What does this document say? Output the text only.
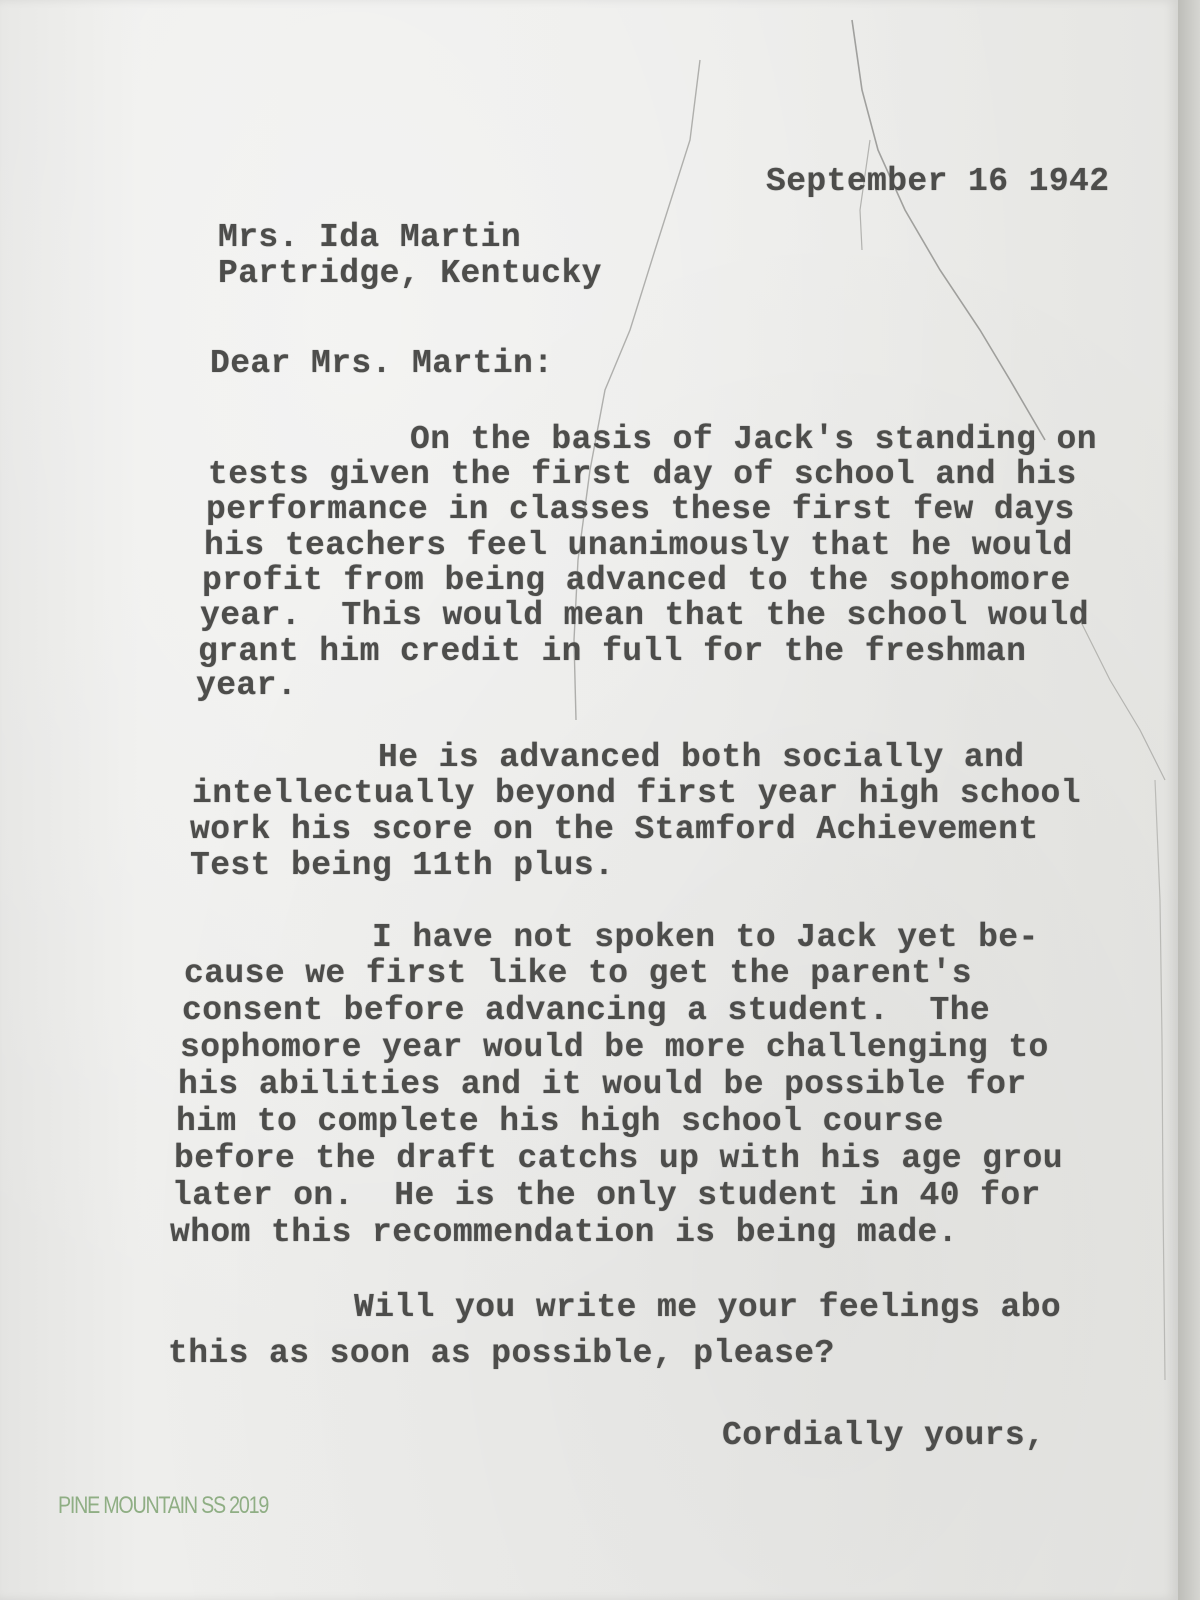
September 16 1942
Mrs. Ida Martin
Partridge, Kentucky
Dear Mrs. Martin:
On the basis of Jack's standing on
tests given the first day of school and his
performance in classes these first few days
his teachers feel unanimously that he would
profit from being advanced to the sophomore
year.  This would mean that the school would
grant him credit in full for the freshman
year.
He is advanced both socially and
intellectually beyond first year high school
work his score on the Stamford Achievement
Test being 11th plus.
I have not spoken to Jack yet be-
cause we first like to get the parent's
consent before advancing a student.  The
sophomore year would be more challenging to
his abilities and it would be possible for
him to complete his high school course
before the draft catchs up with his age grou
later on.  He is the only student in 40 for
whom this recommendation is being made.
Will you write me your feelings abo
this as soon as possible, please?
Cordially yours,
PINE MOUNTAIN SS 2019
